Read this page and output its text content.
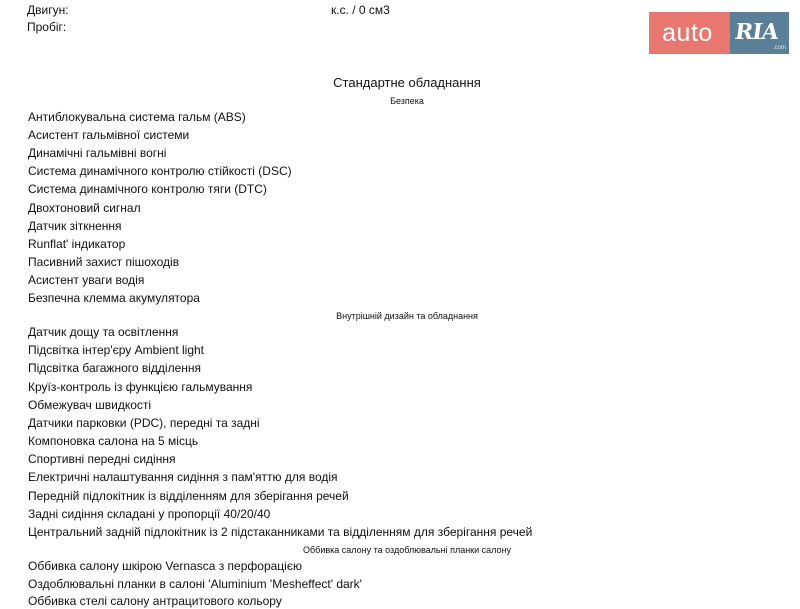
Двигун:	к.с. / 0 см3
Пробіг:	auto RIA
.com
Стандартне обладнання
Безпека
Антиблокувальна система гальм (ABS)
Асистент гальмівної системи
Динамічні гальмівні вогні
Система динамічного контролю стійкості (DSC)
Система динамічного контролю тяги (DTC)
Двохтоновий сигнал
Датчик зіткнення
Runflat' індикатор
Пасивний захист пішоходів
Асистент уваги водія
Безпечна клемма акумулятора
Внутрішній дизайн та обладнання
Датчик дощу та освітлення
Підсвітка інтер'єру Ambient light
Підсвітка багажного відділення
Круїз-контроль із функцією гальмування
Обмежувач швидкості
Датчики парковки (PDC), передні та задні
Компоновка салона на 5 місць
Спортивні передні сидіння
Електричні налаштування сидіння з пам'яттю для водія
Передній підлокітник із відділенням для зберігання речей
Задні сидіння складані у пропорції 40/20/40
Центральний задній підлокітник із 2 підстаканниками та відділенням для зберігання речей
Оббивка салону та оздоблювальні планки салону
Оббивка салону шкірою Vernasca з перфорацією
Оздоблювальні планки в салоні 'Aluminium 'Mesheffect' dark'
Оббивка стелі салону антрацитового кольору
